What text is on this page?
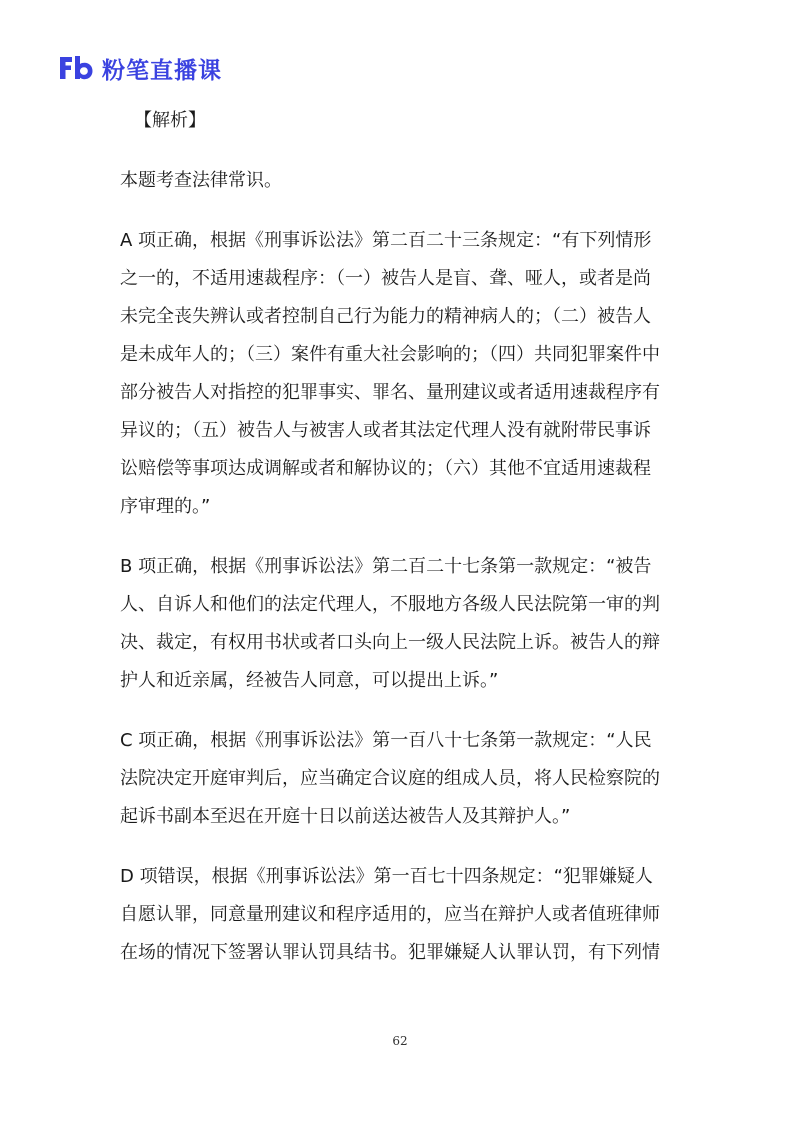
粉笔直播课

【解析】

本题考查法律常识。

A 项正确，根据《刑事诉讼法》第二百二十三条规定：“有下列情形之一的，不适用速裁程序：（一）被告人是盲、聋、哑人，或者是尚未完全丧失辨认或者控制自己行为能力的精神病人的；（二）被告人是未成年人的；（三）案件有重大社会影响的；（四）共同犯罪案件中部分被告人对指控的犯罪事实、罪名、量刑建议或者适用速裁程序有异议的；（五）被告人与被害人或者其法定代理人没有就附带民事诉讼赔偿等事项达成调解或者和解协议的；（六）其他不宜适用速裁程序审理的。”

B 项正确，根据《刑事诉讼法》第二百二十七条第一款规定：“被告人、自诉人和他们的法定代理人，不服地方各级人民法院第一审的判决、裁定，有权用书状或者口头向上一级人民法院上诉。被告人的辩护人和近亲属，经被告人同意，可以提出上诉。”

C 项正确，根据《刑事诉讼法》第一百八十七条第一款规定：“人民法院决定开庭审判后，应当确定合议庭的组成人员，将人民检察院的起诉书副本至迟在开庭十日以前送达被告人及其辩护人。”

D 项错误，根据《刑事诉讼法》第一百七十四条规定：“犯罪嫌疑人自愿认罪，同意量刑建议和程序适用的，应当在辩护人或者值班律师在场的情况下签署认罪认罚具结书。犯罪嫌疑人认罪认罚，有下列情

62
